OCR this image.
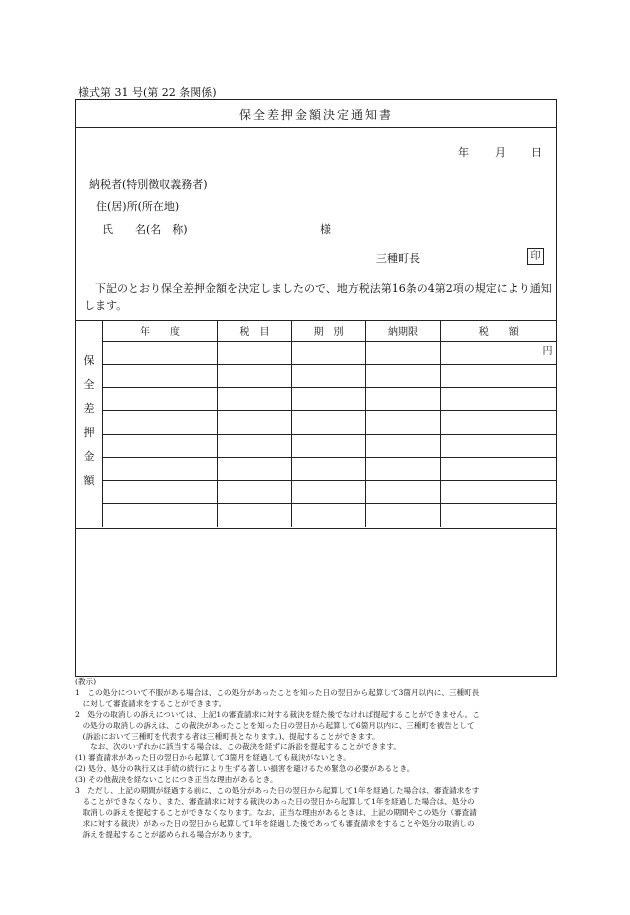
様式第 31 号(第 22 条関係)
保全差押金額決定通知書
年 月 日
納税者(特別徴収義務者)
住(居)所(所在地)
氏　　名(名　称)	様
三種町長	印
下記のとおり保全差押金額を決定しましたので、地方税法第16条の4第2項の規定により通知します。
保
全
差
押
金
額
年　　度	税　目	期　別	納期限	税　　額
				円

(教示)

1　この処分について不服がある場合は、この処分があったことを知った日の翌日から起算して3箇月以内に、三種町長

　に対して審査請求をすることができます。

2　処分の取消しの訴えについては、上記1の審査請求に対する裁決を経た後でなければ提起することができません。こ

　の処分の取消しの訴えは、この裁決があったことを知った日の翌日から起算して6箇月以内に、三種町を被告として

　(訴訟において三種町を代表する者は三種町長となります。)、提起することができます。

　　なお、次のいずれかに該当する場合は、この裁決を経ずに訴訟を提起することができます。

(1) 審査請求があった日の翌日から起算して3箇月を経過しても裁決がないとき。

(2) 処分、処分の執行又は手続の続行により生ずる著しい損害を避けるため緊急の必要があるとき。

(3) その他裁決を経ないことにつき正当な理由があるとき。

3　ただし、上記の期間が経過する前に、この処分があった日の翌日から起算して1年を経過した場合は、審査請求をす

　ることができなくなり、また、審査請求に対する裁決のあった日の翌日から起算して1年を経過した場合は、処分の

　取消しの訴えを提起することができなくなります。なお、正当な理由があるときは、上記の期間やこの処分（審査請

　求に対する裁決）があった日の翌日から起算して1年を経過した後であっても審査請求をすることや処分の取消しの

　訴えを提起することが認められる場合があります。
